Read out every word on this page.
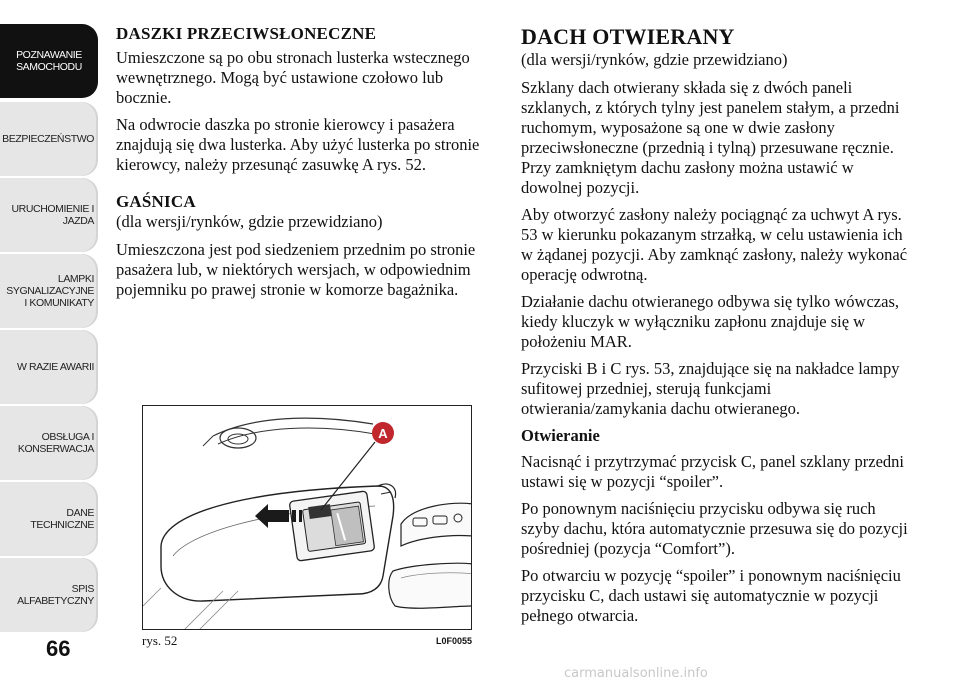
POZNAWANIE
SAMOCHODU
BEZPIECZEŃSTWO
URUCHOMIENIE I
JAZDA
LAMPKI
SYGNALIZACYJNE
I KOMUNIKATY
W RAZIE AWARII
OBSŁUGA I
KONSERWACJA
DANE
TECHNICZNE
SPIS
ALFABETYCZNY
66
DASZKI PRZECIWSŁONECZNE

Umieszczone są po obu stronach lusterka wstecznego wewnętrznego. Mogą być ustawione czołowo lub bocznie.

Na odwrocie daszka po stronie kierowcy i pasażera znajdują się dwa lusterka. Aby użyć lusterka po stronie kierowcy, należy przesunąć zasuwkę A rys. 52.

GAŚNICA
(dla wersji/rynków, gdzie przewidziano)

Umieszczona jest pod siedzeniem przednim po stronie pasażera lub, w niektórych wersjach, w odpowiednim pojemniku po prawej stronie w komorze bagażnika.

A
rys. 52	L0F0055
DACH OTWIERANY
(dla wersji/rynków, gdzie przewidziano)

Szklany dach otwierany składa się z dwóch paneli szklanych, z których tylny jest panelem stałym, a przedni ruchomym, wyposażone są one w dwie zasłony przeciwsłoneczne (przednią i tylną) przesuwane ręcznie. Przy zamkniętym dachu zasłony można ustawić w dowolnej pozycji.

Aby otworzyć zasłony należy pociągnąć za uchwyt A rys. 53 w kierunku pokazanym strzałką, w celu ustawienia ich w żądanej pozycji. Aby zamknąć zasłony, należy wykonać operację odwrotną.

Działanie dachu otwieranego odbywa się tylko wówczas, kiedy kluczyk w wyłączniku zapłonu znajduje się w położeniu MAR.

Przyciski B i C rys. 53, znajdujące się na nakładce lampy sufitowej przedniej, sterują funkcjami otwierania/zamykania dachu otwieranego.

Otwieranie

Nacisnąć i przytrzymać przycisk C, panel szklany przedni ustawi się w pozycji “spoiler”.

Po ponownym naciśnięciu przycisku odbywa się ruch szyby dachu, która automatycznie przesuwa się do pozycji pośredniej (pozycja “Comfort”).

Po otwarciu w pozycję “spoiler” i ponownym naciśnięciu przycisku C, dach ustawi się automatycznie w pozycji pełnego otwarcia.

carmanualsonline.info
